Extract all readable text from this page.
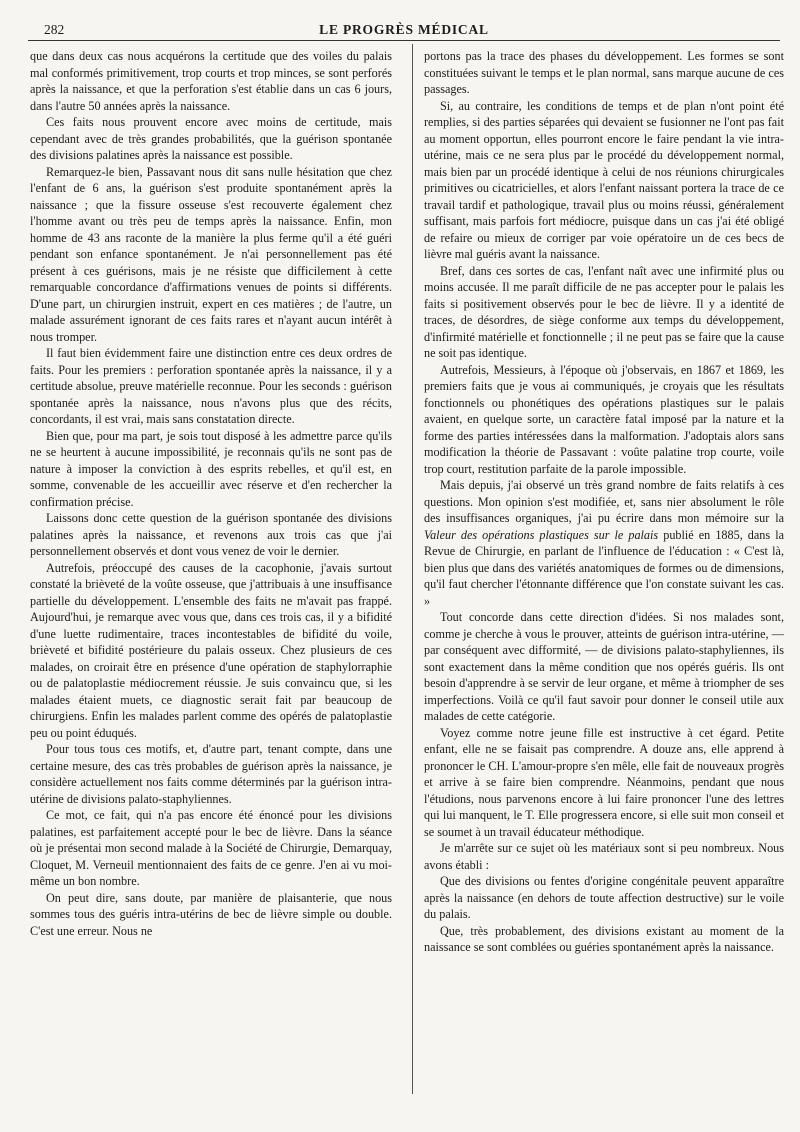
282	LE PROGRÈS MÉDICAL

que dans deux cas nous acquérons la certitude que des voiles du palais mal conformés primitivement, trop courts et trop minces, se sont perforés après la naissance, et que la perforation s'est établie dans un cas 6 jours, dans l'autre 50 années après la naissance.

Ces faits nous prouvent encore avec moins de certitude, mais cependant avec de très grandes probabilités, que la guérison spontanée des divisions palatines après la naissance est possible.

Remarquez-le bien, Passavant nous dit sans nulle hésitation que chez l'enfant de 6 ans, la guérison s'est produite spontanément après la naissance ; que la fissure osseuse s'est recouverte également chez l'homme avant ou très peu de temps après la naissance. Enfin, mon homme de 43 ans raconte de la manière la plus ferme qu'il a été guéri pendant son enfance spontanément. Je n'ai personnellement pas été présent à ces guérisons, mais je ne résiste que difficilement à cette remarquable concordance d'affirmations venues de points si différents. D'une part, un chirurgien instruit, expert en ces matières ; de l'autre, un malade assurément ignorant de ces faits rares et n'ayant aucun intérêt à nous tromper.

Il faut bien évidemment faire une distinction entre ces deux ordres de faits. Pour les premiers : perforation spontanée après la naissance, il y a certitude absolue, preuve matérielle reconnue. Pour les seconds : guérison spontanée après la naissance, nous n'avons plus que des récits, concordants, il est vrai, mais sans constatation directe.

Bien que, pour ma part, je sois tout disposé à les admettre parce qu'ils ne se heurtent à aucune impossibilité, je reconnais qu'ils ne sont pas de nature à imposer la conviction à des esprits rebelles, et qu'il est, en somme, convenable de les accueillir avec réserve et d'en rechercher la confirmation précise.

Laissons donc cette question de la guérison spontanée des divisions palatines après la naissance, et revenons aux trois cas que j'ai personnellement observés et dont vous venez de voir le dernier.

Autrefois, préoccupé des causes de la cacophonie, j'avais surtout constaté la brièveté de la voûte osseuse, que j'attribuais à une insuffisance partielle du développement. L'ensemble des faits ne m'avait pas frappé. Aujourd'hui, je remarque avec vous que, dans ces trois cas, il y a bifidité d'une luette rudimentaire, traces incontestables de bifidité du voile, brièveté et bifidité postérieure du palais osseux. Chez plusieurs de ces malades, on croirait être en présence d'une opération de staphylorraphie ou de palatoplastie médiocrement réussie. Je suis convaincu que, si les malades étaient muets, ce diagnostic serait fait par beaucoup de chirurgiens. Enfin les malades parlent comme des opérés de palatoplastie peu ou point éduqués.

Pour tous tous ces motifs, et, d'autre part, tenant compte, dans une certaine mesure, des cas très probables de guérison après la naissance, je considère actuellement nos faits comme déterminés par la guérison intra-utérine de divisions palato-staphyliennes.

Ce mot, ce fait, qui n'a pas encore été énoncé pour les divisions palatines, est parfaitement accepté pour le bec de lièvre. Dans la séance où je présentai mon second malade à la Société de Chirurgie, Demarquay, Cloquet, M. Verneuil mentionnaient des faits de ce genre. J'en ai vu moi-même un bon nombre.

On peut dire, sans doute, par manière de plaisanterie, que nous sommes tous des guéris intra-utérins de bec de lièvre simple ou double. C'est une erreur. Nous ne

portons pas la trace des phases du développement. Les formes se sont constituées suivant le temps et le plan normal, sans marque aucune de ces passages.

Si, au contraire, les conditions de temps et de plan n'ont point été remplies, si des parties séparées qui devaient se fusionner ne l'ont pas fait au moment opportun, elles pourront encore le faire pendant la vie intra-utérine, mais ce ne sera plus par le procédé du développement normal, mais bien par un procédé identique à celui de nos réunions chirurgicales primitives ou cicatricielles, et alors l'enfant naissant portera la trace de ce travail tardif et pathologique, travail plus ou moins réussi, généralement suffisant, mais parfois fort médiocre, puisque dans un cas j'ai été obligé de refaire ou mieux de corriger par voie opératoire un de ces becs de lièvre mal guéris avant la naissance.

Bref, dans ces sortes de cas, l'enfant naît avec une infirmité plus ou moins accusée. Il me paraît difficile de ne pas accepter pour le palais les faits si positivement observés pour le bec de lièvre. Il y a identité de traces, de désordres, de siège conforme aux temps du développement, d'infirmité matérielle et fonctionnelle ; il ne peut pas se faire que la cause ne soit pas identique.

Autrefois, Messieurs, à l'époque où j'observais, en 1867 et 1869, les premiers faits que je vous ai communiqués, je croyais que les résultats fonctionnels ou phonétiques des opérations plastiques sur le palais avaient, en quelque sorte, un caractère fatal imposé par la nature et la forme des parties intéressées dans la malformation. J'adoptais alors sans modification la théorie de Passavant : voûte palatine trop courte, voile trop court, restitution parfaite de la parole impossible.

Mais depuis, j'ai observé un très grand nombre de faits relatifs à ces questions. Mon opinion s'est modifiée, et, sans nier absolument le rôle des insuffisances organiques, j'ai pu écrire dans mon mémoire sur la Valeur des opérations plastiques sur le palais publié en 1885, dans la Revue de Chirurgie, en parlant de l'influence de l'éducation : « C'est là, bien plus que dans des variétés anatomiques de formes ou de dimensions, qu'il faut chercher l'étonnante différence que l'on constate suivant les cas. »

Tout concorde dans cette direction d'idées. Si nos malades sont, comme je cherche à vous le prouver, atteints de guérison intra-utérine, — par conséquent avec difformité, — de divisions palato-staphyliennes, ils sont exactement dans la même condition que nos opérés guéris. Ils ont besoin d'apprendre à se servir de leur organe, et même à triompher de ses imperfections. Voilà ce qu'il faut savoir pour donner le conseil utile aux malades de cette catégorie.

Voyez comme notre jeune fille est instructive à cet égard. Petite enfant, elle ne se faisait pas comprendre. A douze ans, elle apprend à prononcer le CH. L'amour-propre s'en mêle, elle fait de nouveaux progrès et arrive à se faire bien comprendre. Néanmoins, pendant que nous l'étudions, nous parvenons encore à lui faire prononcer l'une des lettres qui lui manquent, le T. Elle progressera encore, si elle suit mon conseil et se soumet à un travail éducateur méthodique.

Je m'arrête sur ce sujet où les matériaux sont si peu nombreux. Nous avons établi :

Que des divisions ou fentes d'origine congénitale peuvent apparaître après la naissance (en dehors de toute affection destructive) sur le voile du palais.

Que, très probablement, des divisions existant au moment de la naissance se sont comblées ou guéries spontanément après la naissance.
